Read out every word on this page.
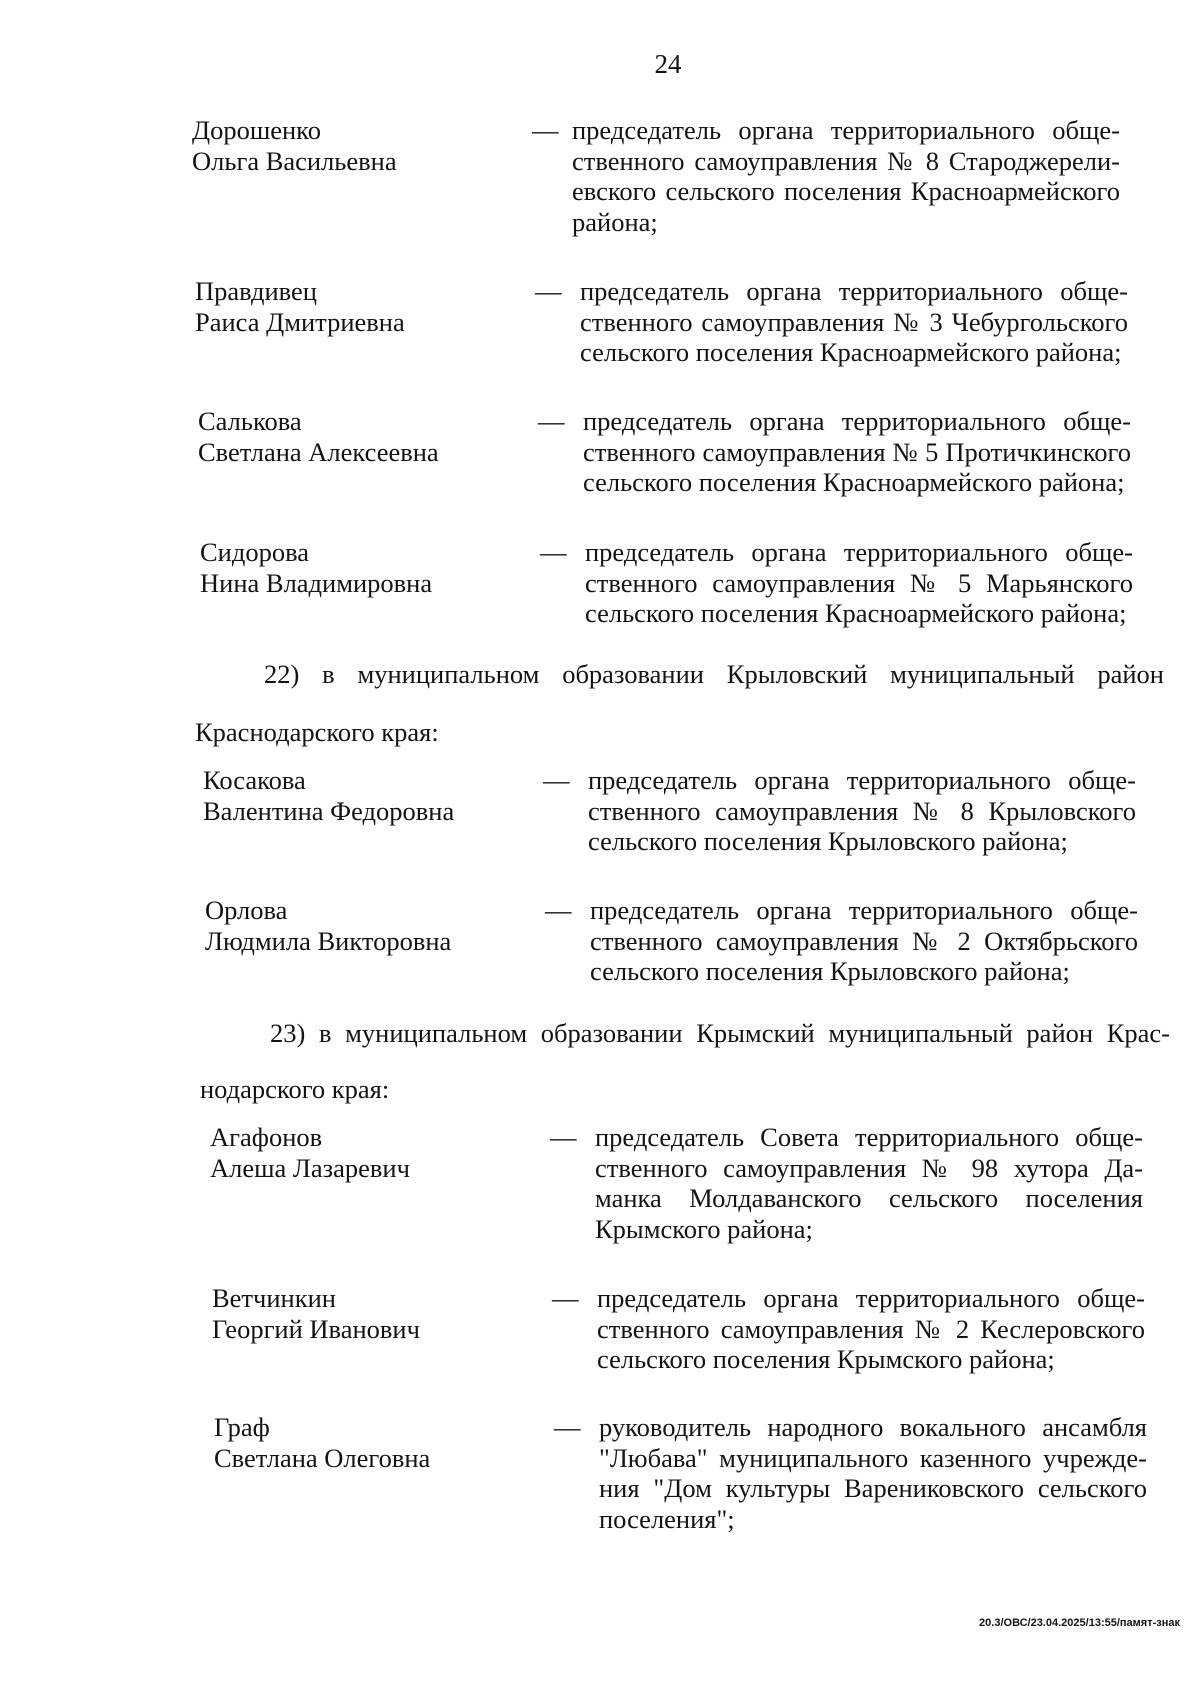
24
Дорошенко
Ольга Васильевна
— председатель органа территориального обще-ственного самоуправления № 8 Староджерели-евского сельского поселения Красноармейского района;
Правдивец
Раиса Дмитриевна
— председатель органа территориального обще-ственного самоуправления № 3 Чебургольского сельского поселения Красноармейского района;
Салькова
Светлана Алексеевна
— председатель органа территориального обще-ственного самоуправления № 5 Протичкинского сельского поселения Красноармейского района;
Сидорова
Нина Владимировна
— председатель органа территориального обще-ственного самоуправления № 5 Марьянского сельского поселения Красноармейского района;
22) в муниципальном образовании Крыловский муниципальный район
Краснодарского края:
Косакова
Валентина Федоровна
— председатель органа территориального обще-ственного самоуправления № 8 Крыловского сельского поселения Крыловского района;
Орлова
Людмила Викторовна
— председатель органа территориального обще-ственного самоуправления № 2 Октябрьского сельского поселения Крыловского района;
23) в муниципальном образовании Крымский муниципальный район Крас-
нодарского края:
Агафонов
Алеша Лазаревич
— председатель Совета территориального обще-ственного самоуправления № 98 хутора Да-манка Молдаванского сельского поселения Крымского района;
Ветчинкин
Георгий Иванович
— председатель органа территориального обще-ственного самоуправления № 2 Кеслеровского сельского поселения Крымского района;
Граф
Светлана Олеговна
— руководитель народного вокального ансамбля "Любава" муниципального казенного учрежде-ния "Дом культуры Варениковского сельского поселения";
20.3/ОВС/23.04.2025/13:55/памят-знак
